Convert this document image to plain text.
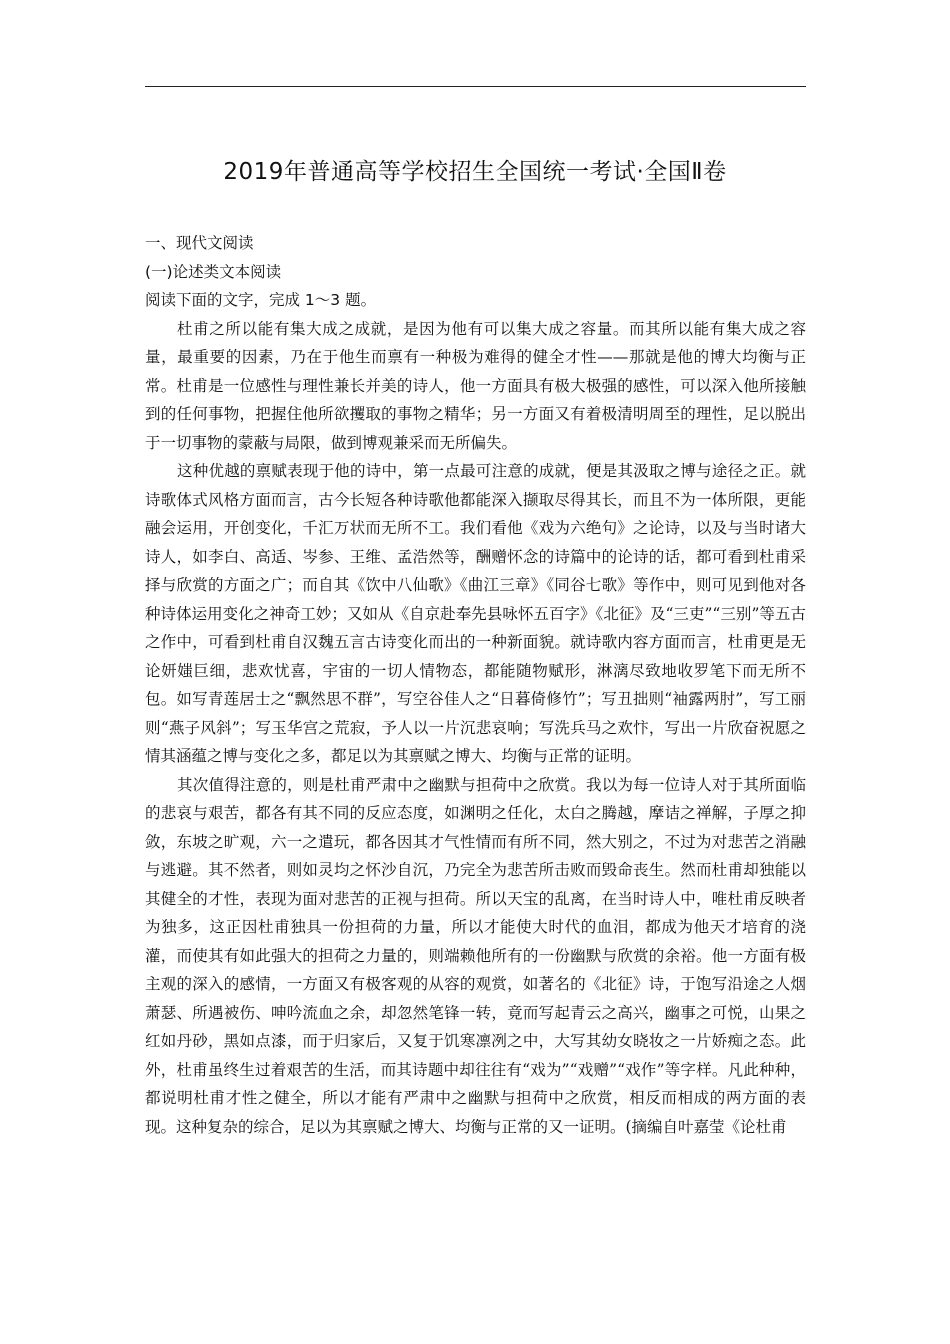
2019年普通高等学校招生全国统一考试·全国Ⅱ卷
一、现代文阅读
(一)论述类文本阅读
阅读下面的文字，完成 1～3 题。

杜甫之所以能有集大成之成就，是因为他有可以集大成之容量。而其所以能有集大成之容量，最重要的因素，乃在于他生而禀有一种极为难得的健全才性——那就是他的博大均衡与正常。杜甫是一位感性与理性兼长并美的诗人，他一方面具有极大极强的感性，可以深入他所接触到的任何事物，把握住他所欲攫取的事物之精华；另一方面又有着极清明周至的理性，足以脱出于一切事物的蒙蔽与局限，做到博观兼采而无所偏失。

这种优越的禀赋表现于他的诗中，第一点最可注意的成就，便是其汲取之博与途径之正。就诗歌体式风格方面而言，古今长短各种诗歌他都能深入撷取尽得其长，而且不为一体所限，更能融会运用，开创变化，千汇万状而无所不工。我们看他《戏为六绝句》之论诗，以及与当时诸大诗人，如李白、高适、岑参、王维、孟浩然等，酬赠怀念的诗篇中的论诗的话，都可看到杜甫采择与欣赏的方面之广；而自其《饮中八仙歌》《曲江三章》《同谷七歌》等作中，则可见到他对各种诗体运用变化之神奇工妙；又如从《自京赴奉先县咏怀五百字》《北征》及“三吏”“三别”等五古之作中，可看到杜甫自汉魏五言古诗变化而出的一种新面貌。就诗歌内容方面而言，杜甫更是无论妍媸巨细，悲欢忧喜，宇宙的一切人情物态，都能随物赋形，淋漓尽致地收罗笔下而无所不包。如写青莲居士之“飘然思不群”，写空谷佳人之“日暮倚修竹”；写丑拙则“袖露两肘”，写工丽则“燕子风斜”；写玉华宫之荒寂，予人以一片沉悲哀响；写洗兵马之欢忭，写出一片欣奋祝愿之情其涵蕴之博与变化之多，都足以为其禀赋之博大、均衡与正常的证明。

其次值得注意的，则是杜甫严肃中之幽默与担荷中之欣赏。我以为每一位诗人对于其所面临的悲哀与艰苦，都各有其不同的反应态度，如渊明之任化，太白之腾越，摩诘之禅解，子厚之抑敛，东坡之旷观，六一之遣玩，都各因其才气性情而有所不同，然大别之，不过为对悲苦之消融与逃避。其不然者，则如灵均之怀沙自沉，乃完全为悲苦所击败而毁命丧生。然而杜甫却独能以其健全的才性，表现为面对悲苦的正视与担荷。所以天宝的乱离，在当时诗人中，唯杜甫反映者为独多，这正因杜甫独具一份担荷的力量，所以才能使大时代的血泪，都成为他天才培育的浇灌，而使其有如此强大的担荷之力量的，则端赖他所有的一份幽默与欣赏的余裕。他一方面有极主观的深入的感情，一方面又有极客观的从容的观赏，如著名的《北征》诗，于饱写沿途之人烟萧瑟、所遇被伤、呻吟流血之余，却忽然笔锋一转，竟而写起青云之高兴，幽事之可悦，山果之红如丹砂，黑如点漆，而于归家后，又复于饥寒凛冽之中，大写其幼女晓妆之一片娇痴之态。此外，杜甫虽终生过着艰苦的生活，而其诗题中却往往有“戏为”“戏赠”“戏作”等字样。凡此种种，都说明杜甫才性之健全，所以才能有严肃中之幽默与担荷中之欣赏，相反而相成的两方面的表现。这种复杂的综合，足以为其禀赋之博大、均衡与正常的又一证明。(摘编自叶嘉莹《论杜甫
